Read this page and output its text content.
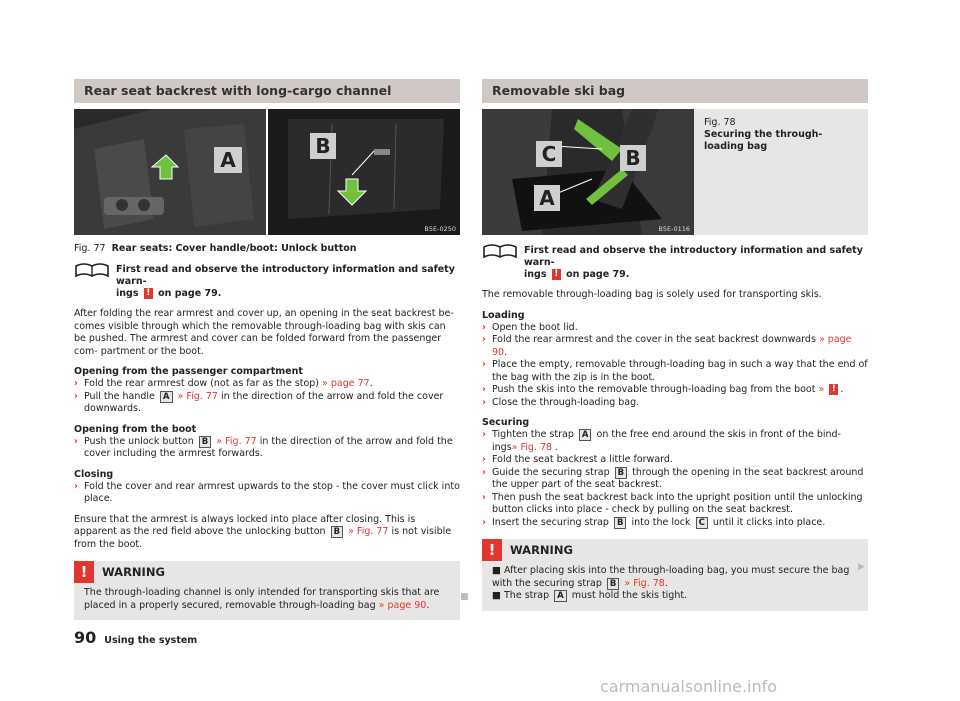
Rear seat backrest with long-cargo channel
A
B
B5E-0250
Fig. 77 Rear seats: Cover handle/boot: Unlock button
First read and observe the introductory information and safety warn-
ings ! on page 79.

After folding the rear armrest and cover up, an opening in the seat backrest be- comes visible through which the removable through-loading bag with skis can be pushed. The armrest and cover can be folded forward from the passenger com- partment or the boot.

Opening from the passenger compartment
› Fold the rear armrest dow (not as far as the stop) » page 77.
› Pull the handle A » Fig. 77 in the direction of the arrow and fold the cover downwards.
Opening from the boot
› Push the unlock button B » Fig. 77 in the direction of the arrow and fold the cover including the armrest forwards.
Closing
› Fold the cover and rear armrest upwards to the stop - the cover must click into place.

Ensure that the armrest is always locked into place after closing. This is apparent as the red field above the unlocking button B » Fig. 77 is not visible from the boot.

!	WARNING
The through-loading channel is only intended for transporting skis that are placed in a properly secured, removable through-loading bag » page 90.
■
Removable ski bag
C	B
A
B5E-0116
Fig. 78
Securing the through-loading bag
First read and observe the introductory information and safety warn-
ings ! on page 79.

The removable through-loading bag is solely used for transporting skis.

Loading
› Open the boot lid.
› Fold the rear armrest and the cover in the seat backrest downwards » page 90.
› Place the empty, removable through-loading bag in such a way that the end of the bag with the zip is in the boot.
› Push the skis into the removable through-loading bag from the boot » ! .
› Close the through-loading bag.
Securing
› Tighten the strap A on the free end around the skis in front of the bind- ings» Fig. 78 .
› Fold the seat backrest a little forward.
› Guide the securing strap B through the opening in the seat backrest around the upper part of the seat backrest.
› Then push the seat backrest back into the upright position until the unlocking button clicks into place - check by pulling on the seat backrest.
› Insert the securing strap B into the lock C until it clicks into place.
!	WARNING
■ After placing skis into the through-loading bag, you must secure the bag with the securing strap B » Fig. 78.
■ The strap A must hold the skis tight.
▶
90 Using the system
carmanualsonline.info
